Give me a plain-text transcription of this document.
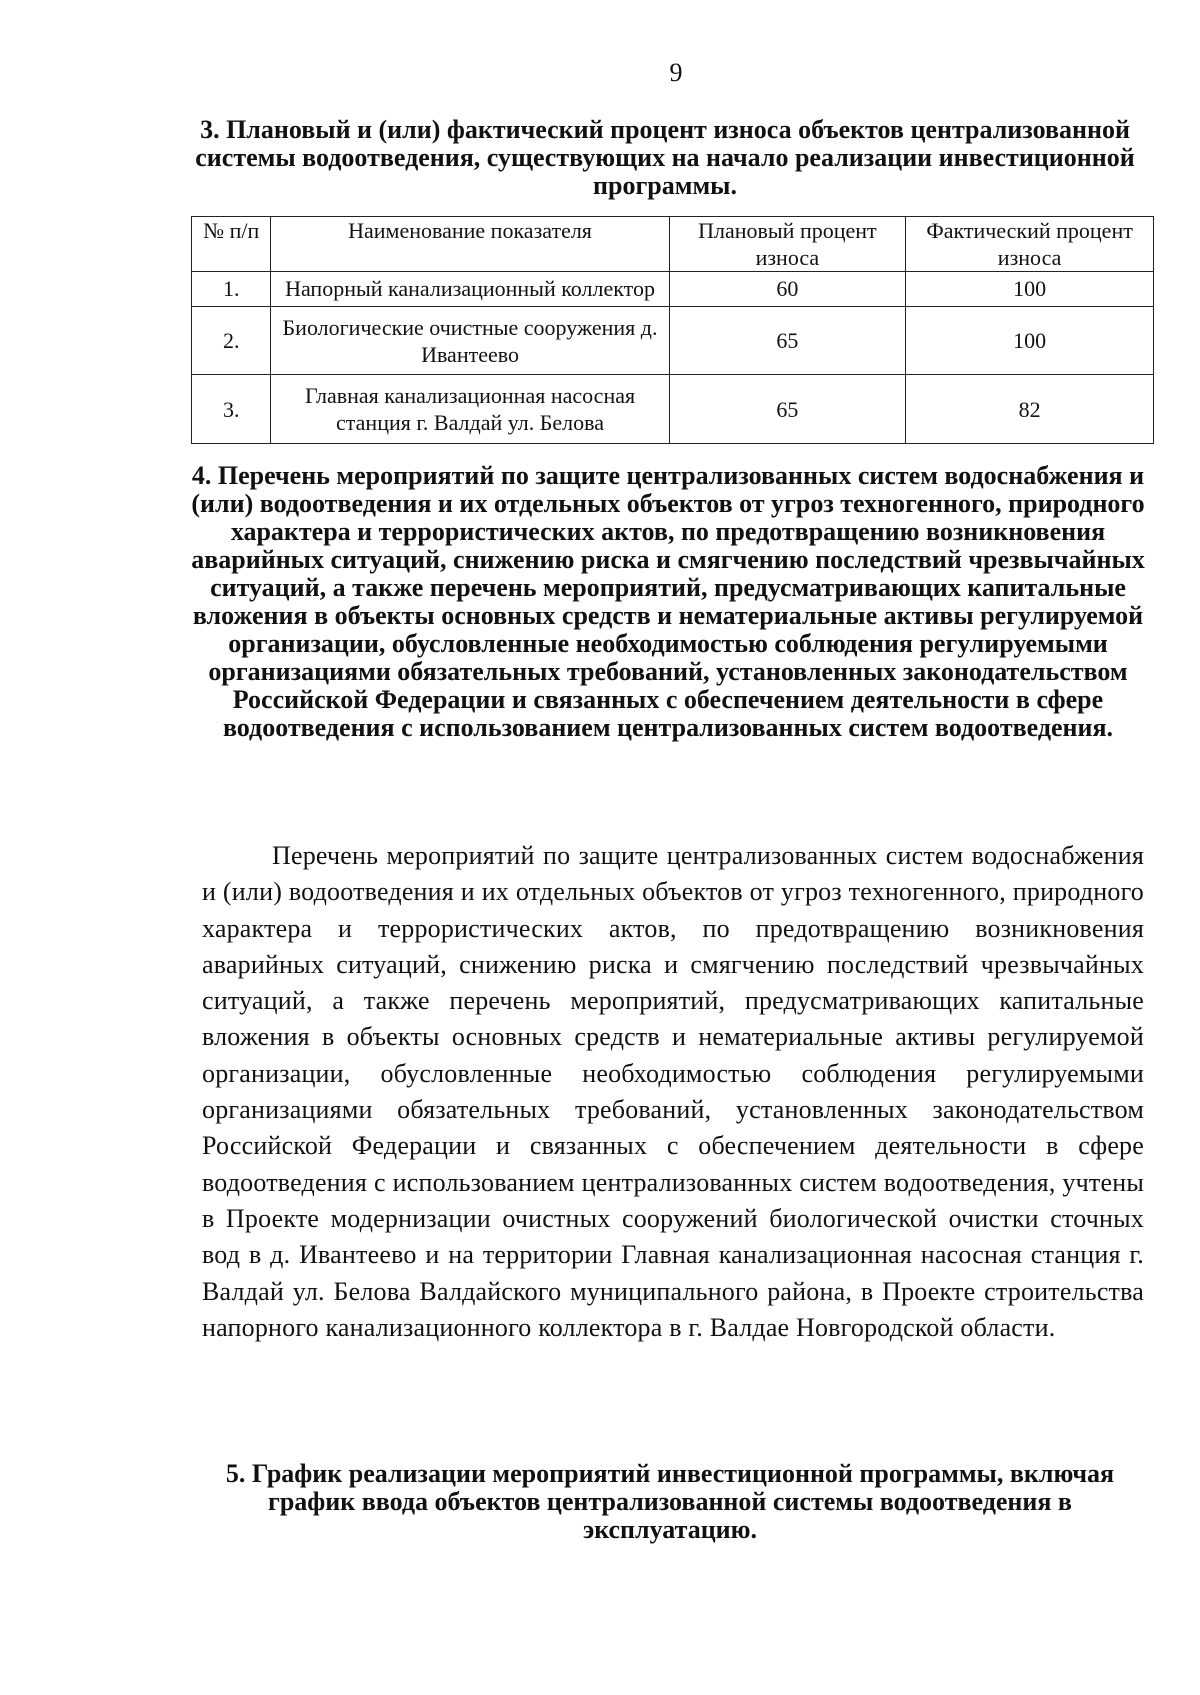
9
3. Плановый и (или) фактический процент износа объектов централизованной системы водоотведения, существующих на начало реализации инвестиционной программы.
№ п/п	Наименование показателя	Плановый процент износа	Фактический процент износа
1.	Напорный канализационный коллектор	60	100
2.	Биологические очистные сооружения д. Ивантеево	65	100
3.	Главная канализационная насосная станция г. Валдай ул. Белова	65	82
4. Перечень мероприятий по защите централизованных систем водоснабжения и (или) водоотведения и их отдельных объектов от угроз техногенного, природного характера и террористических актов, по предотвращению возникновения аварийных ситуаций, снижению риска и смягчению последствий чрезвычайных ситуаций, а также перечень мероприятий, предусматривающих капитальные вложения в объекты основных средств и нематериальные активы регулируемой организации, обусловленные необходимостью соблюдения регулируемыми организациями обязательных требований, установленных законодательством Российской Федерации и связанных с обеспечением деятельности в сфере водоотведения с использованием централизованных систем водоотведения.

Перечень мероприятий по защите централизованных систем водоснабжения и (или) водоотведения и их отдельных объектов от угроз техногенного, природного характера и террористических актов, по предотвращению возникновения аварийных ситуаций, снижению риска и смягчению последствий чрезвычайных ситуаций, а также перечень мероприятий, предусматривающих капитальные вложения в объекты основных средств и нематериальные активы регулируемой организации, обусловленные необходимостью соблюдения регулируемыми организациями обязательных требований, установленных законодательством Российской Федерации и связанных с обеспечением деятельности в сфере водоотведения с использованием централизованных систем водоотведения, учтены в Проекте модернизации очистных сооружений биологической очистки сточных вод в д. Ивантеево и на территории Главная канализационная насосная станция г. Валдай ул. Белова Валдайского муниципального района, в Проекте строительства напорного канализационного коллектора в г. Валдае Новгородской области.

5. График реализации мероприятий инвестиционной программы, включая график ввода объектов централизованной системы водоотведения в эксплуатацию.
